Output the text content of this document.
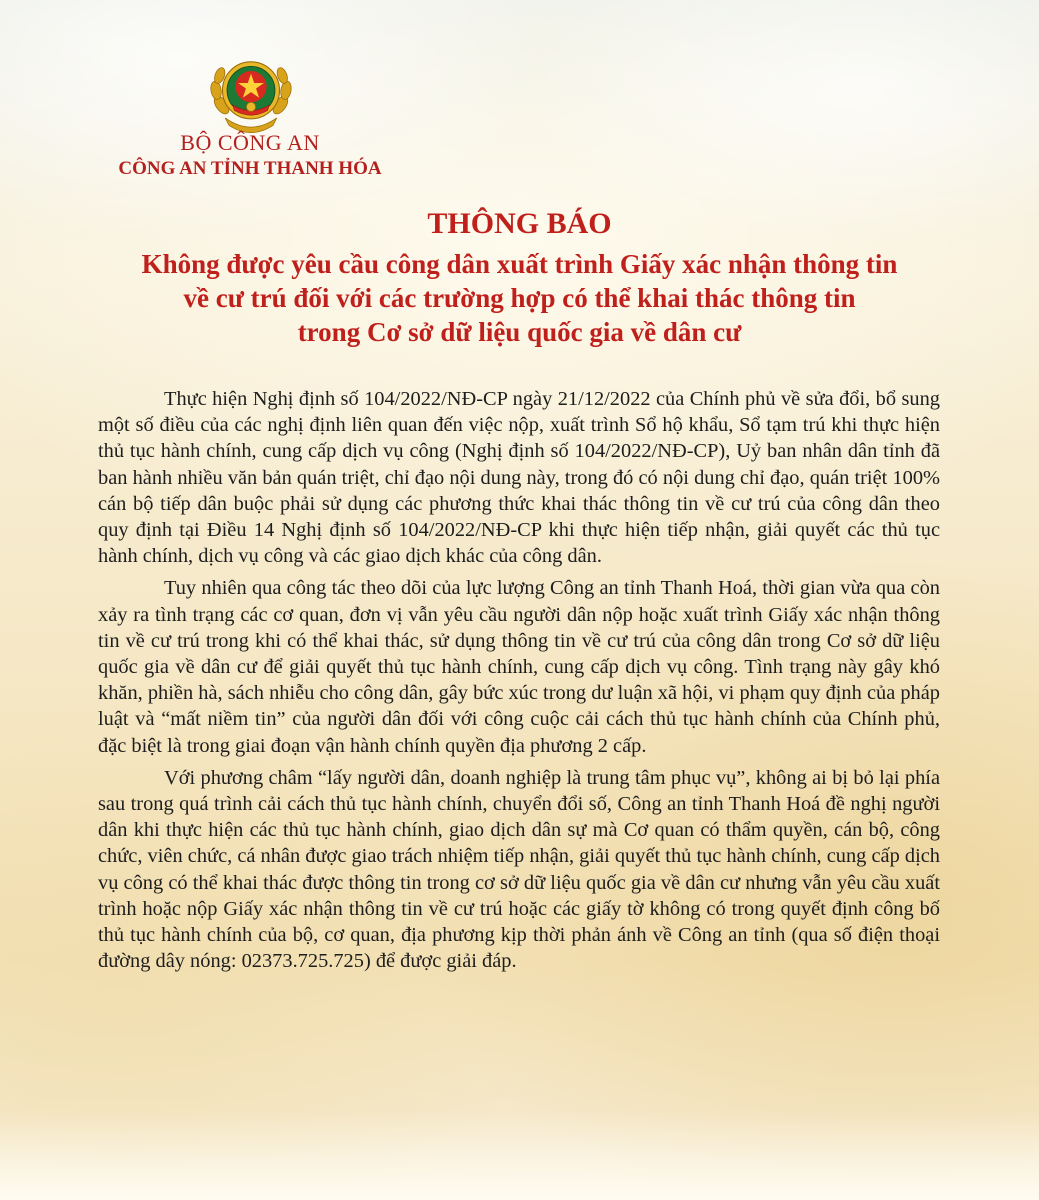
BỘ CÔNG AN

CÔNG AN TỈNH THANH HÓA

THÔNG BÁO

Không được yêu cầu công dân xuất trình Giấy xác nhận thông tin

về cư trú đối với các trường hợp có thể khai thác thông tin

trong Cơ sở dữ liệu quốc gia về dân cư

Thực hiện Nghị định số 104/2022/NĐ-CP ngày 21/12/2022 của Chính phủ về sửa đổi, bổ sung một số điều của các nghị định liên quan đến việc nộp, xuất trình Sổ hộ khẩu, Sổ tạm trú khi thực hiện thủ tục hành chính, cung cấp dịch vụ công (Nghị định số 104/2022/NĐ-CP), Uỷ ban nhân dân tỉnh đã ban hành nhiều văn bản quán triệt, chỉ đạo nội dung này, trong đó có nội dung chỉ đạo, quán triệt 100% cán bộ tiếp dân buộc phải sử dụng các phương thức khai thác thông tin về cư trú của công dân theo quy định tại Điều 14 Nghị định số 104/2022/NĐ-CP khi thực hiện tiếp nhận, giải quyết các thủ tục hành chính, dịch vụ công và các giao dịch khác của công dân.

Tuy nhiên qua công tác theo dõi của lực lượng Công an tỉnh Thanh Hoá, thời gian vừa qua còn xảy ra tình trạng các cơ quan, đơn vị vẫn yêu cầu người dân nộp hoặc xuất trình Giấy xác nhận thông tin về cư trú trong khi có thể khai thác, sử dụng thông tin về cư trú của công dân trong Cơ sở dữ liệu quốc gia về dân cư để giải quyết thủ tục hành chính, cung cấp dịch vụ công. Tình trạng này gây khó khăn, phiền hà, sách nhiễu cho công dân, gây bức xúc trong dư luận xã hội, vi phạm quy định của pháp luật và “mất niềm tin” của người dân đối với công cuộc cải cách thủ tục hành chính của Chính phủ, đặc biệt là trong giai đoạn vận hành chính quyền địa phương 2 cấp.

Với phương châm “lấy người dân, doanh nghiệp là trung tâm phục vụ”, không ai bị bỏ lại phía sau trong quá trình cải cách thủ tục hành chính, chuyển đổi số, Công an tỉnh Thanh Hoá đề nghị người dân khi thực hiện các thủ tục hành chính, giao dịch dân sự mà Cơ quan có thẩm quyền, cán bộ, công chức, viên chức, cá nhân được giao trách nhiệm tiếp nhận, giải quyết thủ tục hành chính, cung cấp dịch vụ công có thể khai thác được thông tin trong cơ sở dữ liệu quốc gia về dân cư nhưng vẫn yêu cầu xuất trình hoặc nộp Giấy xác nhận thông tin về cư trú hoặc các giấy tờ không có trong quyết định công bố thủ tục hành chính của bộ, cơ quan, địa phương kịp thời phản ánh về Công an tỉnh (qua số điện thoại đường dây nóng: 02373.725.725) để được giải đáp.
